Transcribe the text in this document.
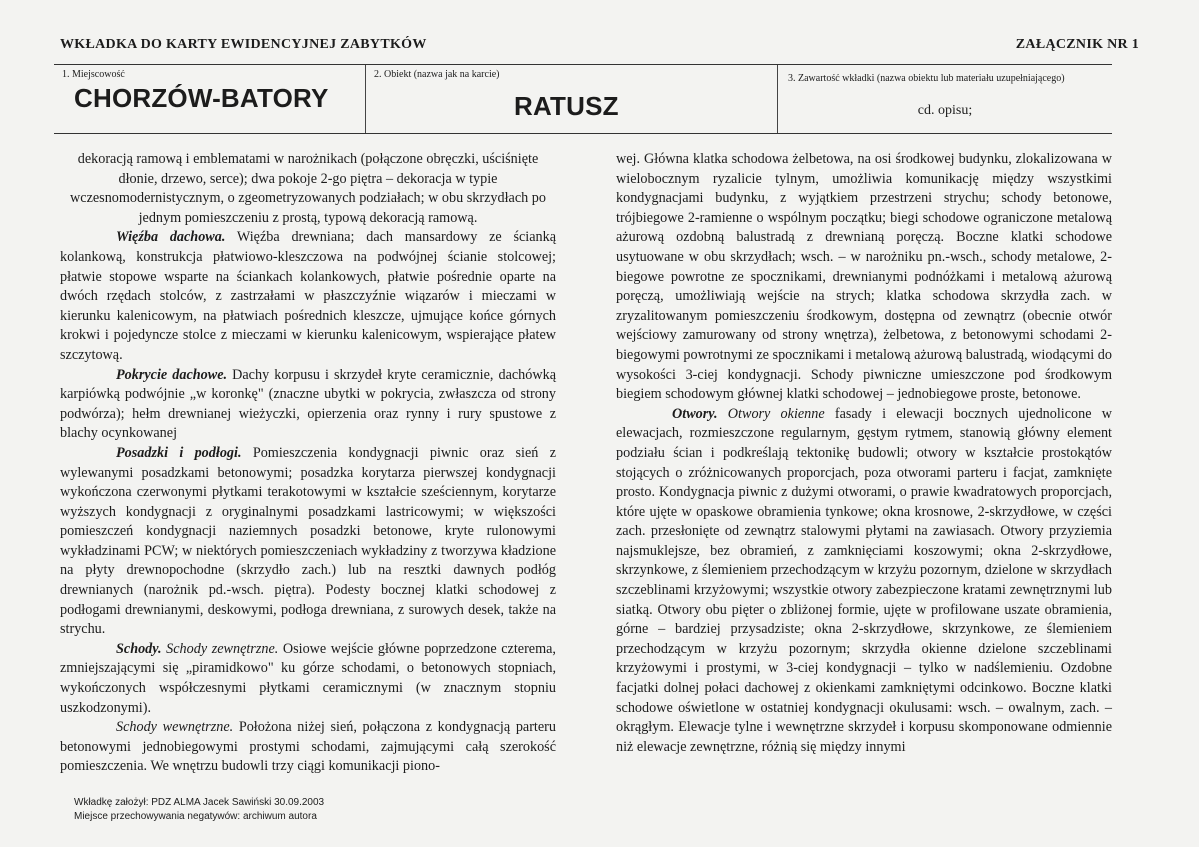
WKŁADKA DO KARTY EWIDENCYJNEJ ZABYTKÓW	ZAŁĄCZNIK NR 1
1. Miejscowość
CHORZÓW-BATORY
2. Obiekt (nazwa jak na karcie)
RATUSZ
3. Zawartość wkładki (nazwa obiektu lub materiału uzupełniającego)
cd. opisu;

dekoracją ramową i emblematami w narożnikach (połączone obręczki, uściśnięte dłonie, drzewo, serce); dwa pokoje 2-go piętra – dekoracja w typie wczesnomodernistycznym, o zgeometryzowanych podziałach; w obu skrzydłach po jednym pomieszczeniu z prostą, typową dekoracją ramową.

Więźba dachowa. Więźba drewniana; dach mansardowy ze ścianką kolankową, konstrukcja płatwiowo-kleszczowa na podwójnej ścianie stolcowej; płatwie stopowe wsparte na ściankach kolankowych, płatwie pośrednie oparte na dwóch rzędach stolców, z zastrzałami w płaszczyźnie wiązarów i mieczami w kierunku kalenicowym, na płatwiach pośrednich kleszcze, ujmujące końce górnych krokwi i pojedyncze stolce z mieczami w kierunku kalenicowym, wspierające płatew szczytową.

Pokrycie dachowe. Dachy korpusu i skrzydeł kryte ceramicznie, dachówką karpiówką podwójnie „w koronkę" (znaczne ubytki w pokrycia, zwłaszcza od strony podwórza); hełm drewnianej wieżyczki, opierzenia oraz rynny i rury spustowe z blachy ocynkowanej

Posadzki i podłogi. Pomieszczenia kondygnacji piwnic oraz sień z wylewanymi posadzkami betonowymi; posadzka korytarza pierwszej kondygnacji wykończona czerwonymi płytkami terakotowymi w kształcie sześciennym, korytarze wyższych kondygnacji z oryginalnymi posadzkami lastricowymi; w większości pomieszczeń kondygnacji naziemnych posadzki betonowe, kryte rulonowymi wykładzinami PCW; w niektórych pomieszczeniach wykładziny z tworzywa kładzione na płyty drewnopochodne (skrzydło zach.) lub na resztki dawnych podłóg drewnianych (narożnik pd.-wsch. piętra). Podesty bocznej klatki schodowej z podłogami drewnianymi, deskowymi, podłoga drewniana, z surowych desek, także na strychu.

Schody. Schody zewnętrzne. Osiowe wejście główne poprzedzone czterema, zmniejszającymi się „piramidkowo" ku górze schodami, o betonowych stopniach, wykończonych współczesnymi płytkami ceramicznymi (w znacznym stopniu uszkodzonymi).

Schody wewnętrzne. Położona niżej sień, połączona z kondygnacją parteru betonowymi jednobiegowymi prostymi schodami, zajmującymi całą szerokość pomieszczenia. We wnętrzu budowli trzy ciągi komunikacji piono-

wej. Główna klatka schodowa żelbetowa, na osi środkowej budynku, zlokalizowana w wielobocznym ryzalicie tylnym, umożliwia komunikację między wszystkimi kondygnacjami budynku, z wyjątkiem przestrzeni strychu; schody betonowe, trójbiegowe 2-ramienne o wspólnym początku; biegi schodowe ograniczone metalową ażurową ozdobną balustradą z drewnianą poręczą. Boczne klatki schodowe usytuowane w obu skrzydłach; wsch. – w narożniku pn.-wsch., schody metalowe, 2-biegowe powrotne ze spocznikami, drewnianymi podnóżkami i metalową ażurową poręczą, umożliwiają wejście na strych; klatka schodowa skrzydła zach. w zryzalitowanym pomieszczeniu środkowym, dostępna od zewnątrz (obecnie otwór wejściowy zamurowany od strony wnętrza), żelbetowa, z betonowymi schodami 2-biegowymi powrotnymi ze spocznikami i metalową ażurową balustradą, wiodącymi do wysokości 3-ciej kondygnacji. Schody piwniczne umieszczone pod środkowym biegiem schodowym głównej klatki schodowej – jednobiegowe proste, betonowe.

Otwory. Otwory okienne fasady i elewacji bocznych ujednolicone w elewacjach, rozmieszczone regularnym, gęstym rytmem, stanowią główny element podziału ścian i podkreślają tektonikę budowli; otwory w kształcie prostokątów stojących o zróżnicowanych proporcjach, poza otworami parteru i facjat, zamknięte prosto. Kondygnacja piwnic z dużymi otworami, o prawie kwadratowych proporcjach, które ujęte w opaskowe obramienia tynkowe; okna krosnowe, 2-skrzydłowe, w części zach. przesłonięte od zewnątrz stalowymi płytami na zawiasach. Otwory przyziemia najsmuklejsze, bez obramień, z zamknięciami koszowymi; okna 2-skrzydłowe, skrzynkowe, z ślemieniem przechodzącym w krzyżu pozornym, dzielone w skrzydłach szczeblinami krzyżowymi; wszystkie otwory zabezpieczone kratami zewnętrznymi lub siatką. Otwory obu pięter o zbliżonej formie, ujęte w profilowane uszate obramienia, górne – bardziej przysadziste; okna 2-skrzydłowe, skrzynkowe, ze ślemieniem przechodzącym w krzyżu pozornym; skrzydła okienne dzielone szczeblinami krzyżowymi i prostymi, w 3-ciej kondygnacji – tylko w nadślemieniu. Ozdobne facjatki dolnej połaci dachowej z okienkami zamkniętymi odcinkowo. Boczne klatki schodowe oświetlone w ostatniej kondygnacji okulusami: wsch. – owalnym, zach. – okrągłym. Elewacje tylne i wewnętrzne skrzydeł i korpusu skomponowane odmiennie niż elewacje zewnętrzne, różnią się między innymi

Wkładkę założył: PDZ ALMA Jacek Sawiński 30.09.2003
Miejsce przechowywania negatywów: archiwum autora
